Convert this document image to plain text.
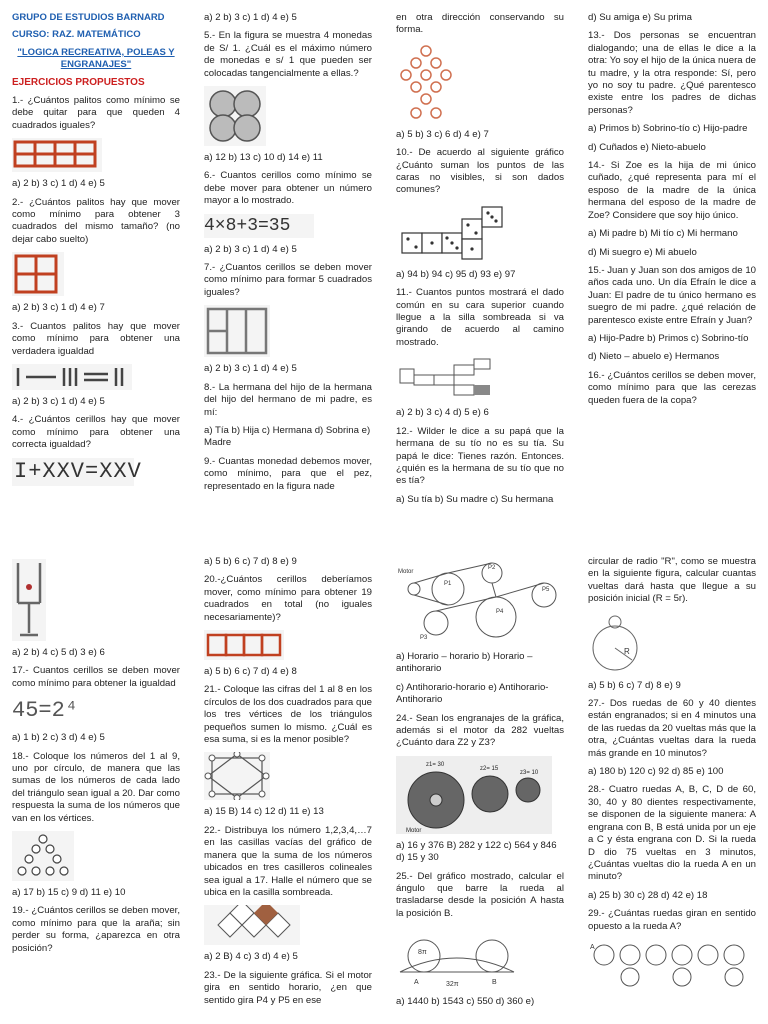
GRUPO DE ESTUDIOS BARNARD
CURSO: RAZ. MATEMÁTICO
"LOGICA RECREATIVA, POLEAS Y ENGRANAJES"
EJERCICIOS PROPUESTOS

1.- ¿Cuántos palitos como mínimo se debe quitar para que queden 4 cuadrados iguales?

a) 2 b) 3 c) 1 d) 4 e) 5

2.- ¿Cuántos palitos hay que mover como mínimo para obtener 3 cuadrados del mismo tamaño? (no dejar cabo suelto)

a) 2 b) 3 c) 1 d) 4 e) 7

3.- Cuantos palitos hay que mover como mínimo para obtener una verdadera igualdad

a) 2 b) 3 c) 1 d) 4 e) 5

4.- ¿Cuántos cerillos hay que mover como mínimo para obtener una correcta igualdad?

I+XXV=XXV
a) 2 b) 3 c) 1 d) 4 e) 5

5.- En la figura se muestra 4 monedas de S/ 1. ¿Cuál es el máximo número de monedas e s/ 1 que pueden ser colocadas tangencialmente a ellas.?

a) 12 b) 13 c) 10 d) 14 e) 11

6.- Cuantos cerillos como mínimo se debe mover para obtener un número mayor a lo mostrado.

4×8+3=35
a) 2 b) 3 c) 1 d) 4 e) 5

7.- ¿Cuantos cerillos se deben mover como mínimo para formar 5 cuadrados iguales?

a) 2 b) 3 c) 1 d) 4 e) 5

8.- La hermana del hijo de la hermana del hijo del hermano de mi padre, es mí:

a) Tía b) Hija c) Hermana d) Sobrina e) Madre

9.- Cuantas monedad debemos mover, como mínimo, para que el pez, representado en la figura nade

en otra dirección conservando su forma.

a) 5 b) 3 c) 6 d) 4 e) 7

10.- De acuerdo al siguiente gráfico ¿Cuánto suman los puntos de las caras no visibles, si son dados comunes?

a) 94 b) 94 c) 95 d) 93 e) 97

11.- Cuantos puntos mostrará el dado común en su cara superior cuando llegue a la silla sombreada si va girando de acuerdo al camino mostrado.

a) 2 b) 3 c) 4 d) 5 e) 6

12.- Wilder le dice a su papá que la hermana de su tío no es su tía. Su papá le dice: Tienes razón. Entonces. ¿quién es la hermana de su tío que no es tía?

a) Su tía b) Su madre c) Su hermana
d) Su amiga e) Su prima

13.- Dos personas se encuentran dialogando; una de ellas le dice a la otra: Yo soy el hijo de la única nuera de tu madre, y la otra responde: Sí, pero yo no soy tu padre. ¿Qué parentesco existe entre los padres de dichas personas?

a) Primos b) Sobrino-tío c) Hijo-padre
d) Cuñados e) Nieto-abuelo

14.- Si Zoe es la hija de mi único cuñado, ¿qué representa para mí el esposo de la madre de la única hermana del esposo de la madre de Zoe? Considere que soy hijo único.

a) Mi padre b) Mi tío c) Mi hermano
d) Mi suegro e) Mi abuelo

15.- Juan y Juan son dos amigos de 10 años cada uno. Un día Efraín le dice a Juan: El padre de tu único hermano es suegro de mi padre. ¿qué relación de parentesco existe entre Efraín y Juan?

a) Hijo-Padre b) Primos c) Sobrino-tío
d) Nieto – abuelo e) Hermanos

16.- ¿Cuántos cerillos se deben mover, como mínimo para que las cerezas queden fuera de la copa?

a) 2 b) 4 c) 5 d) 3 e) 6

17.- Cuantos cerillos se deben mover como mínimo para obtener la igualdad

45=2⁴
a) 1 b) 2 c) 3 d) 4 e) 5

18.- Coloque los números del 1 al 9, uno por círculo, de manera que las sumas de los números de cada lado del triángulo sean igual a 20. Dar como respuesta la suma de los números que van en los vértices.

a) 17 b) 15 c) 9 d) 11 e) 10

19.- ¿Cuántos cerillos se deben mover, como mínimo para que la araña; sin perder su forma, ¿aparezca en otra posición?

a) 5 b) 6 c) 7 d) 8 e) 9

20.-¿Cuántos cerillos deberíamos mover, como mínimo para obtener 19 cuadrados en total (no iguales necesariamente)?

a) 5 b) 6 c) 7 d) 4 e) 8

21.- Coloque las cifras del 1 al 8 en los círculos de los dos cuadrados para que los tres vértices de los triángulos pequeños sumen lo mismo. ¿Cuál es esa suma, si es la menor posible?

a) 15 B) 14 c) 12 d) 11 e) 13

22.- Distribuya los número 1,2,3,4,…7 en las casillas vacías del gráfico de manera que la suma de los números ubicados en tres casilleros colineales sea igual a 17. Halle el número que se ubica en la casilla sombreada.

a) 2 B) 4 c) 3 d) 4 e) 5

23.- De la siguiente gráfica. Si el motor gira en sentido horario, ¿en que sentido gira P4 y P5 en ese

Motor
P1
P2
P3
P4
P5
a) Horario – horario b) Horario – antihorario
c) Antihorario-horario e) Antihorario-Antihorario

24.- Sean los engranajes de la gráfica, además si el motor da 282 vueltas ¿Cuánto dara Z2 y Z3?

z1= 30
z2= 15
z3= 10
Motor
a) 16 y 376 B) 282 y 122 c) 564 y 846 d) 15 y 30

25.- Del gráfico mostrado, calcular el ángulo que barre la rueda al trasladarse desde la posición A hasta la posición B.

A	B
8π
32π
a) 1440 b) 1543 c) 550 d) 360 e)

circular de radio "R", como se muestra en la siguiente figura, calcular cuantas vueltas dará hasta que llegue a su posición inicial (R = 5r).

R
a) 5 b) 6 c) 7 d) 8 e) 9

27.- Dos ruedas de 60 y 40 dientes están engranados; si en 4 minutos una de las ruedas da 20 vueltas más que la otra, ¿Cuántas vueltas dara la rueda más grande en 10 minutos?

a) 180 b) 120 c) 92 d) 85 e) 100

28.- Cuatro ruedas A, B, C, D de 60, 30, 40 y 80 dientes respectivamente, se disponen de la siguiente manera: A engrana con B, B está unida por un eje a C y ésta engrana con D. Si la rueda D dio 75 vueltas en 3 minutos, ¿Cuántas vueltas dio la rueda A en un minuto?

a) 25 b) 30 c) 28 d) 42 e) 18

29.- ¿Cuántas ruedas giran en sentido opuesto a la rueda A?

A
